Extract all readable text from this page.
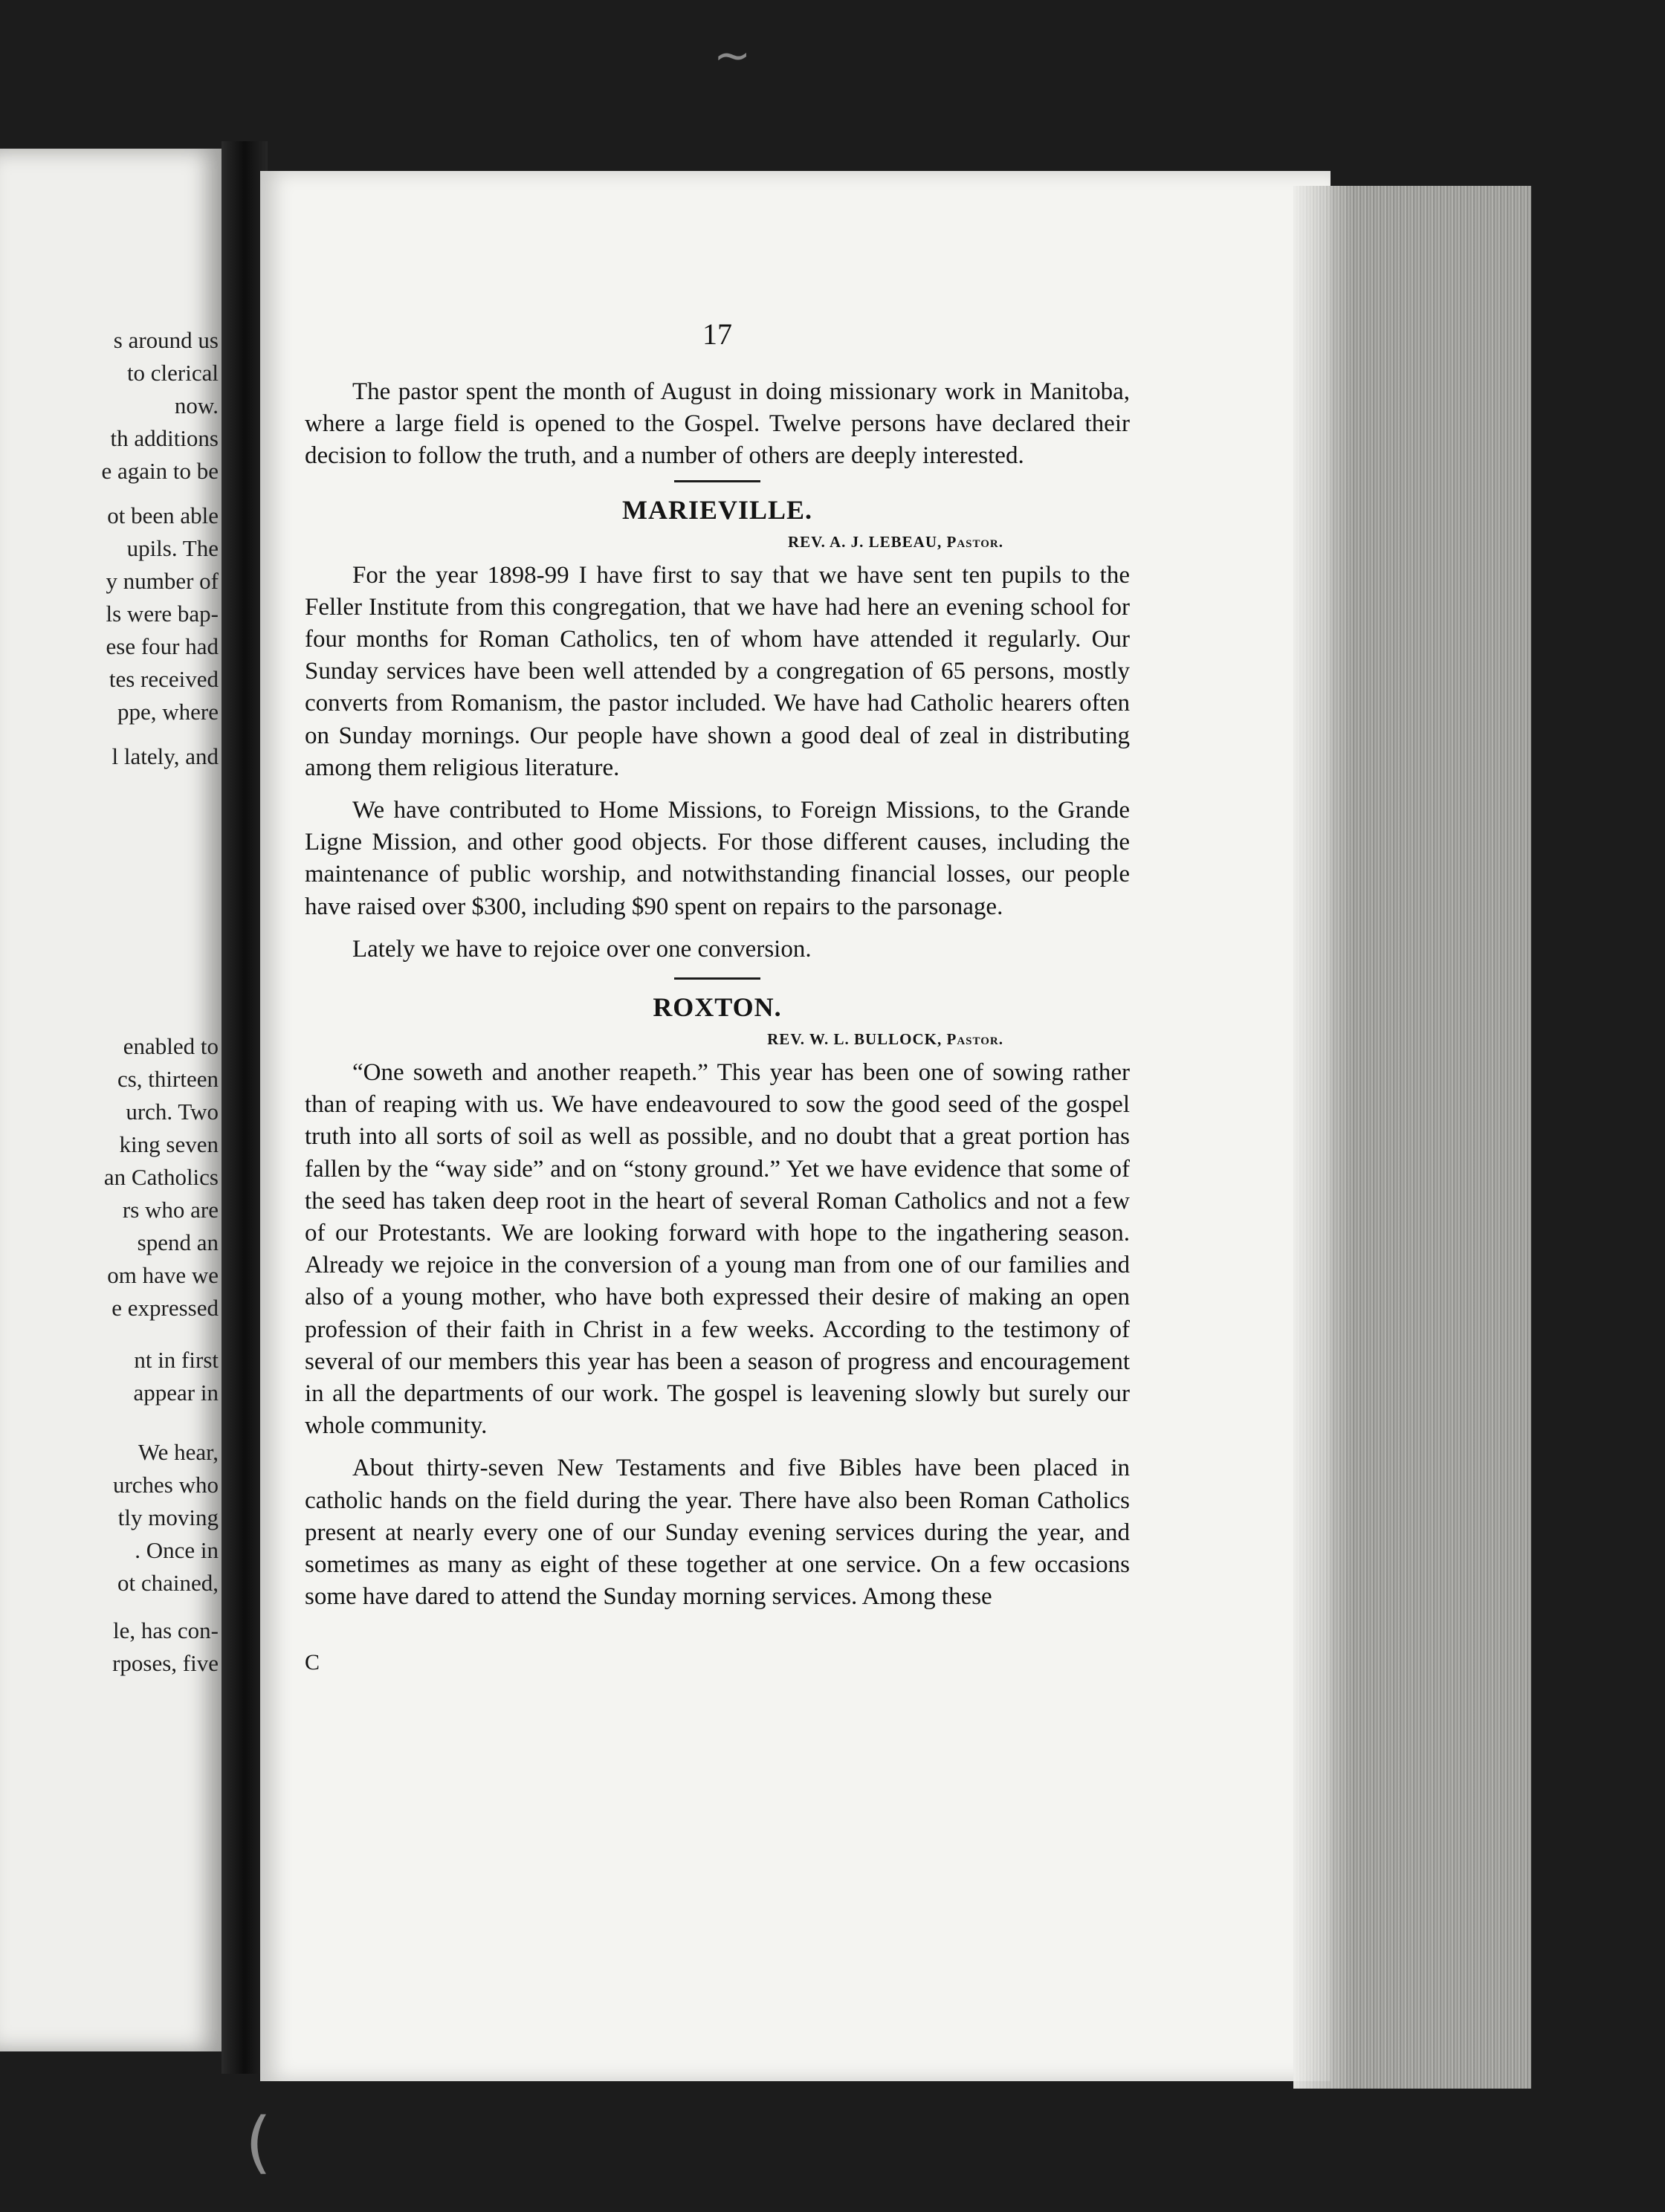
s around us
to clerical
now.
th additions
e again to be
ot been able
upils. The
y number of
ls were bap-
ese four had
tes received
ppe, where
l lately, and
enabled to
cs, thirteen
urch. Two
king seven
an Catholics
rs who are
spend an
om have we
e expressed
nt in first
appear in
We hear,
urches who
tly moving
. Once in
ot chained,
le, has con-
rposes, five
~
(
17

The pastor spent the month of August in doing missionary work in Manitoba, where a large field is opened to the Gospel. Twelve persons have declared their decision to follow the truth, and a number of others are deeply interested.

MARIEVILLE.

REV. A. J. LEBEAU, Pastor.

For the year 1898-99 I have first to say that we have sent ten pupils to the Feller Institute from this congregation, that we have had here an evening school for four months for Roman Catholics, ten of whom have attended it regularly. Our Sunday services have been well attended by a congregation of 65 persons, mostly converts from Romanism, the pastor included. We have had Catholic hearers often on Sunday mornings. Our people have shown a good deal of zeal in distributing among them religious literature.

We have contributed to Home Missions, to Foreign Missions, to the Grande Ligne Mission, and other good objects. For those different causes, including the maintenance of public worship, and notwithstanding financial losses, our people have raised over $300, including $90 spent on repairs to the parsonage.

Lately we have to rejoice over one conversion.

ROXTON.

REV. W. L. BULLOCK, Pastor.

“One soweth and another reapeth.” This year has been one of sowing rather than of reaping with us. We have endeavoured to sow the good seed of the gospel truth into all sorts of soil as well as possible, and no doubt that a great portion has fallen by the “way side” and on “stony ground.” Yet we have evidence that some of the seed has taken deep root in the heart of several Roman Catholics and not a few of our Protestants. We are looking forward with hope to the ingathering season. Already we rejoice in the conversion of a young man from one of our families and also of a young mother, who have both expressed their desire of making an open profession of their faith in Christ in a few weeks. According to the testimony of several of our members this year has been a season of progress and encouragement in all the departments of our work. The gospel is leavening slowly but surely our whole community.

About thirty-seven New Testaments and five Bibles have been placed in catholic hands on the field during the year. There have also been Roman Catholics present at nearly every one of our Sunday evening services during the year, and sometimes as many as eight of these together at one service. On a few occasions some have dared to attend the Sunday morning services. Among these

C
